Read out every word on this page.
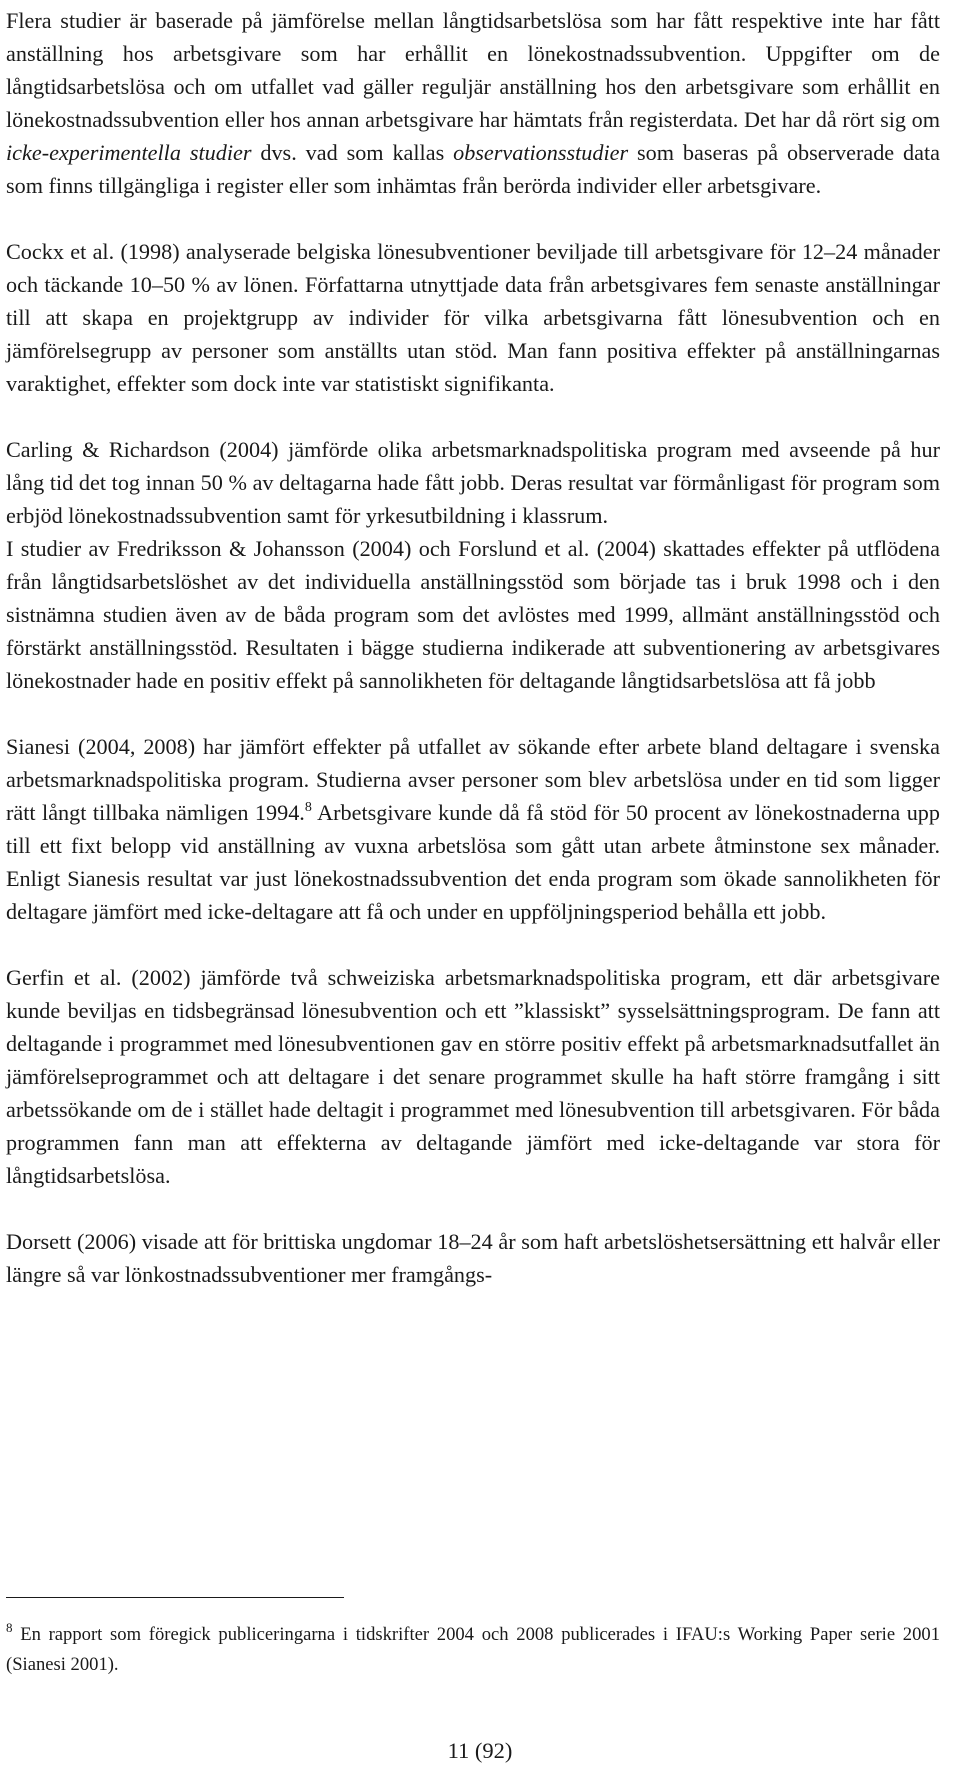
Flera studier är baserade på jämförelse mellan långtidsarbetslösa som har fått respektive inte har fått anställning hos arbetsgivare som har erhållit en lönekostnadssubvention. Uppgifter om de långtidsarbetslösa och om utfallet vad gäller reguljär anställning hos den arbetsgivare som erhållit en lönekostnadssubvention eller hos annan arbetsgivare har hämtats från registerdata. Det har då rört sig om icke-experimentella studier dvs. vad som kallas observationsstudier som baseras på observerade data som finns tillgängliga i register eller som inhämtas från berörda individer eller arbetsgivare.

Cockx et al. (1998) analyserade belgiska lönesubventioner beviljade till arbetsgivare för 12–24 månader och täckande 10–50 % av lönen. Författarna utnyttjade data från arbetsgivares fem senaste anställningar till att skapa en projektgrupp av individer för vilka arbetsgivarna fått lönesubvention och en jämförelsegrupp av personer som anställts utan stöd. Man fann positiva effekter på anställningarnas varaktighet, effekter som dock inte var statistiskt signifikanta.

Carling & Richardson (2004) jämförde olika arbetsmarknadspolitiska program med avseende på hur lång tid det tog innan 50 % av deltagarna hade fått jobb. Deras resultat var förmånligast för program som erbjöd lönekostnadssubvention samt för yrkesutbildning i klassrum.

I studier av Fredriksson & Johansson (2004) och Forslund et al. (2004) skattades effekter på utflödena från långtidsarbetslöshet av det individuella anställningsstöd som började tas i bruk 1998 och i den sistnämna studien även av de båda program som det avlöstes med 1999, allmänt anställningsstöd och förstärkt anställningsstöd. Resultaten i bägge studierna indikerade att subventionering av arbetsgivares lönekostnader hade en positiv effekt på sannolikheten för deltagande långtidsarbetslösa att få jobb

Sianesi (2004, 2008) har jämfört effekter på utfallet av sökande efter arbete bland deltagare i svenska arbetsmarknadspolitiska program. Studierna avser personer som blev arbetslösa under en tid som ligger rätt långt tillbaka nämligen 1994.$^8$ Arbetsgivare kunde då få stöd för 50 procent av lönekostnaderna upp till ett fixt belopp vid anställning av vuxna arbetslösa som gått utan arbete åtminstone sex månader. Enligt Sianesis resultat var just lönekostnadssubvention det enda program som ökade sannolikheten för deltagare jämfört med icke-deltagare att få och under en uppföljningsperiod behålla ett jobb.

Gerfin et al. (2002) jämförde två schweiziska arbetsmarknadspolitiska program, ett där arbetsgivare kunde beviljas en tidsbegränsad lönesubvention och ett ”klassiskt” sysselsättningsprogram. De fann att deltagande i programmet med lönesubventionen gav en större positiv effekt på arbetsmarknadsutfallet än jämförelseprogrammet och att deltagare i det senare programmet skulle ha haft större framgång i sitt arbetssökande om de i stället hade deltagit i programmet med lönesubvention till arbetsgivaren. För båda programmen fann man att effekterna av deltagande jämfört med icke-deltagande var stora för långtidsarbetslösa.

Dorsett (2006) visade att för brittiska ungdomar 18–24 år som haft arbetslöshetsersättning ett halvår eller längre så var lönkostnadssubventioner mer framgångs-

$^8$ En rapport som föregick publiceringarna i tidskrifter 2004 och 2008 publicerades i IFAU:s Working Paper serie 2001 (Sianesi 2001).

11 (92)
